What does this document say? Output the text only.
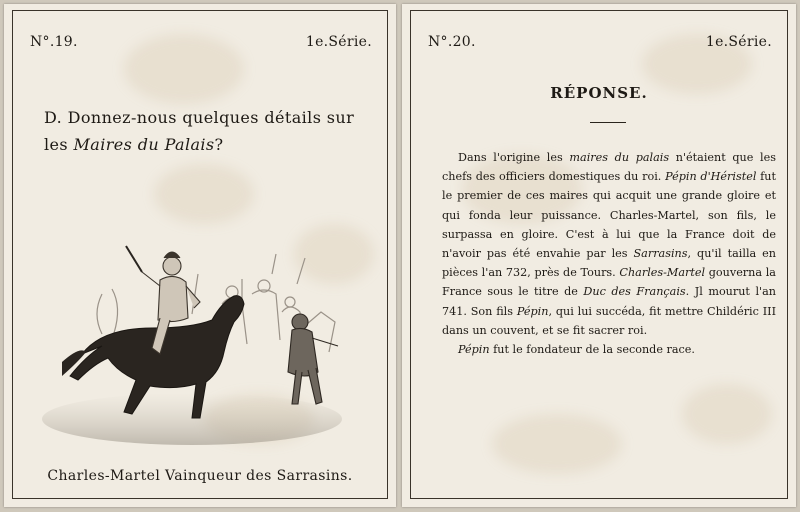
N°.19.	1e.Série.
D. Donnez-nous quelques détails sur les Maires du Palais?
Charles-Martel Vainqueur des Sarrasins.
N°.20.	1e.Série.
RÉPONSE.

Dans l'origine les maires du palais n'étaient que les chefs des officiers domestiques du roi. Pépin d'Héristel fut le premier de ces maires qui acquit une grande gloire et qui fonda leur puissance. Charles-Martel, son fils, le surpassa en gloire. C'est à lui que la France doit de n'avoir pas été envahie par les Sarrasins, qu'il tailla en pièces l'an 732, près de Tours. Charles-Martel gouverna la France sous le titre de Duc des Français. Jl mourut l'an 741. Son fils Pépin, qui lui succéda, fit mettre Childéric III dans un couvent, et se fit sacrer roi.

Pépin fut le fondateur de la seconde race.
